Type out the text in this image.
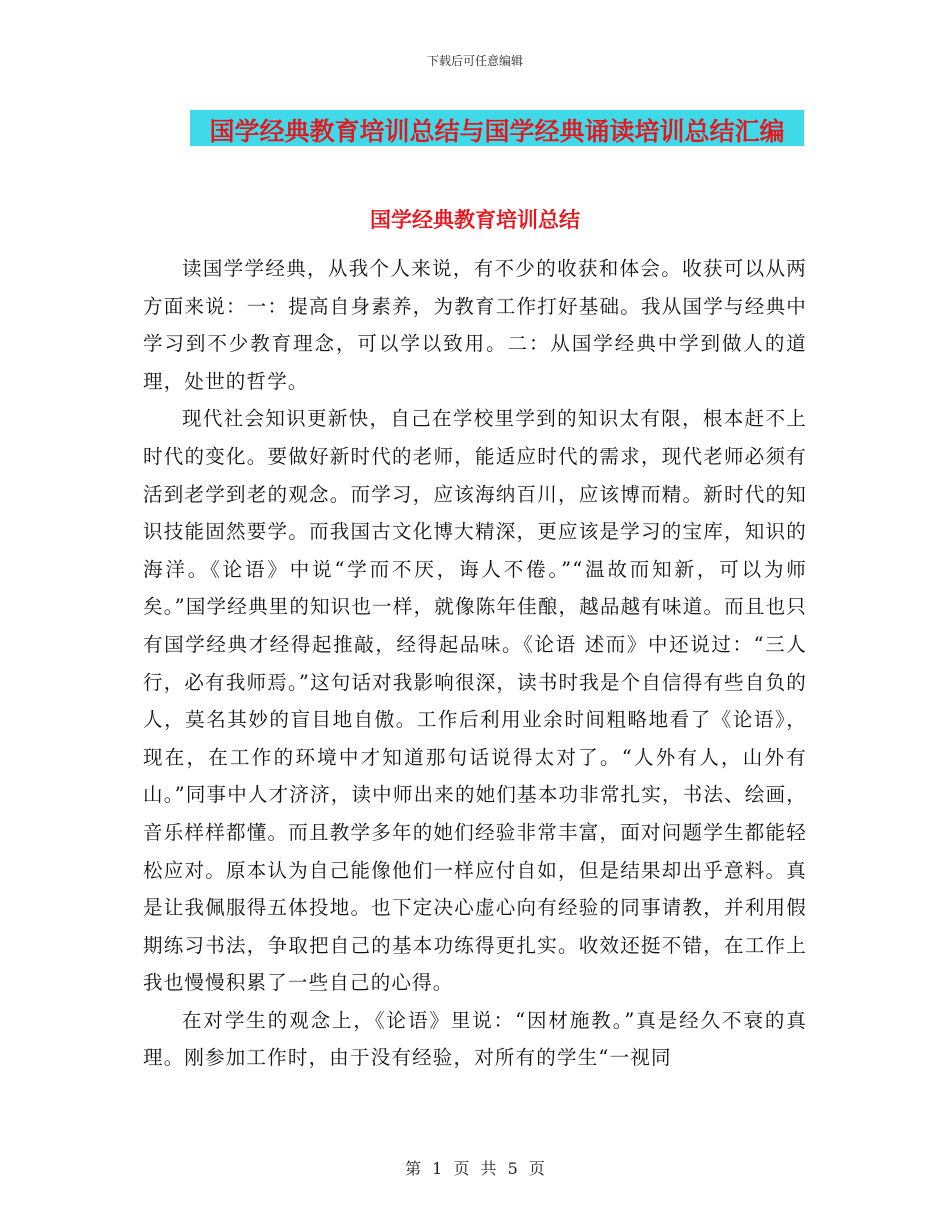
下载后可任意编辑
国学经典教育培训总结与国学经典诵读培训总结汇编
国学经典教育培训总结

读国学学经典，从我个人来说，有不少的收获和体会。收获可以从两方面来说：一：提高自身素养，为教育工作打好基础。我从国学与经典中学习到不少教育理念，可以学以致用。二：从国学经典中学到做人的道理，处世的哲学。

现代社会知识更新快，自己在学校里学到的知识太有限，根本赶不上时代的变化。要做好新时代的老师，能适应时代的需求，现代老师必须有活到老学到老的观念。而学习，应该海纳百川，应该博而精。新时代的知识技能固然要学。而我国古文化博大精深，更应该是学习的宝库，知识的海洋。《论语》中说“学而不厌，诲人不倦。”“温故而知新，可以为师矣。”国学经典里的知识也一样，就像陈年佳酿，越品越有味道。而且也只有国学经典才经得起推敲，经得起品味。《论语 述而》中还说过：“三人行，必有我师焉。”这句话对我影响很深，读书时我是个自信得有些自负的人，莫名其妙的盲目地自傲。工作后利用业余时间粗略地看了《论语》，现在，在工作的环境中才知道那句话说得太对了。“人外有人，山外有山。”同事中人才济济，读中师出来的她们基本功非常扎实，书法、绘画，音乐样样都懂。而且教学多年的她们经验非常丰富，面对问题学生都能轻松应对。原本认为自己能像他们一样应付自如，但是结果却出乎意料。真是让我佩服得五体投地。也下定决心虚心向有经验的同事请教，并利用假期练习书法，争取把自己的基本功练得更扎实。收效还挺不错，在工作上我也慢慢积累了一些自己的心得。

在对学生的观念上，《论语》里说：“因材施教。”真是经久不衰的真理。刚参加工作时，由于没有经验，对所有的学生“一视同

第 1 页 共 5 页
